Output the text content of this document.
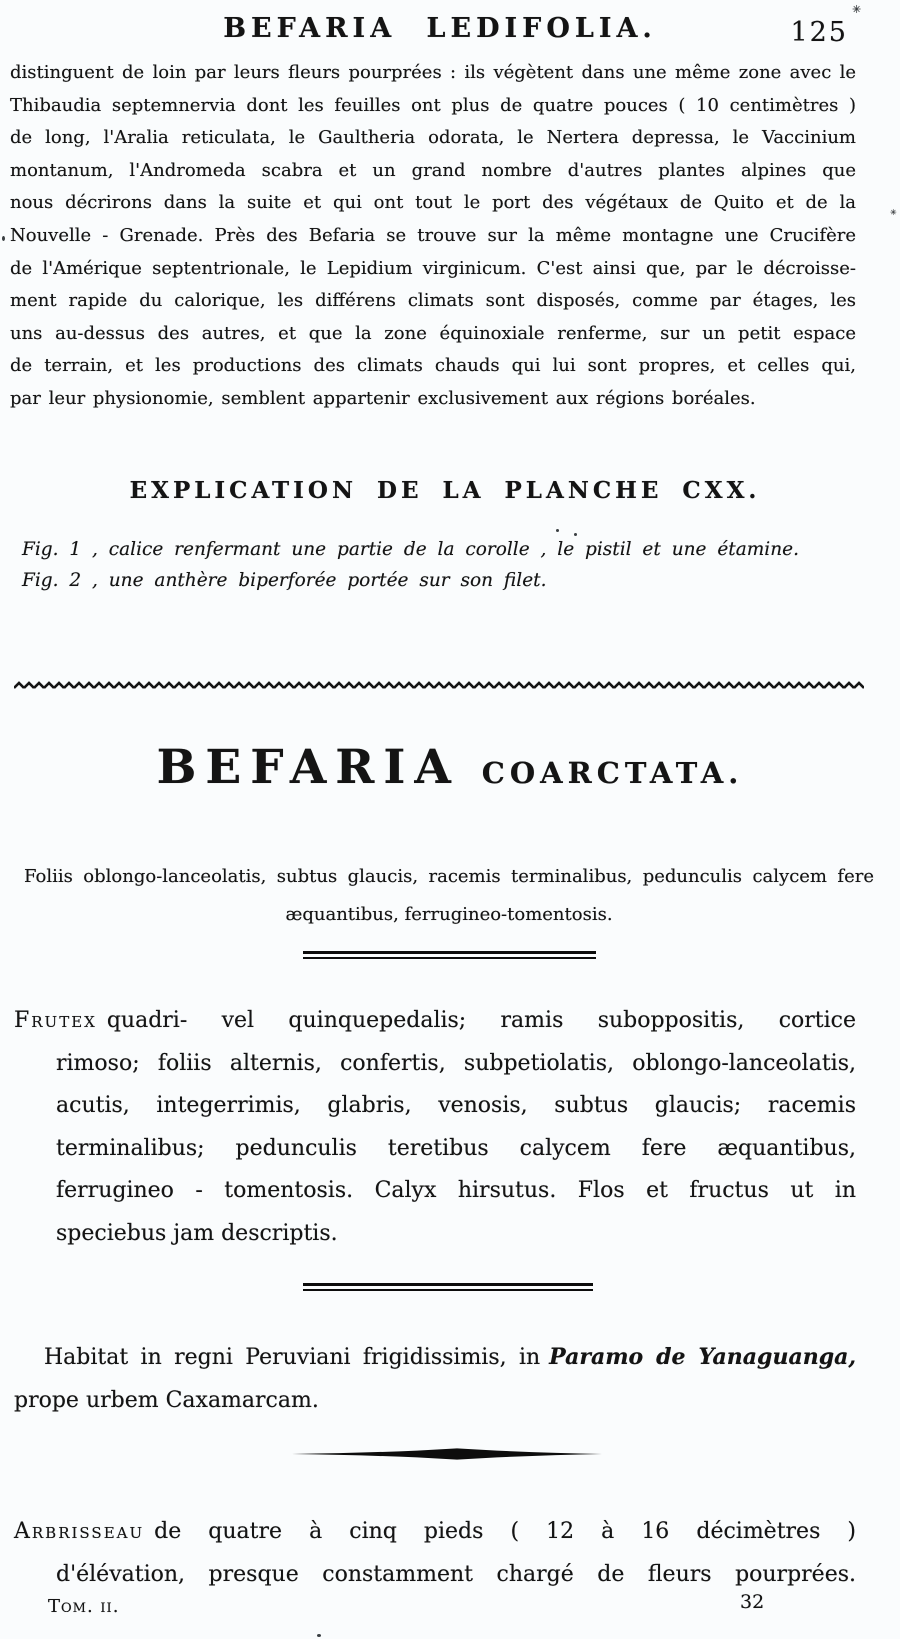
BEFARIA LEDIFOLIA.	125
distinguent de loin par leurs fleurs pourprées : ils végètent dans une même zone avec le
Thibaudia septemnervia dont les feuilles ont plus de quatre pouces ( 10 centimètres )
de long, l'Aralia reticulata, le Gaultheria odorata, le Nertera depressa, le Vaccinium
montanum, l'Andromeda scabra et un grand nombre d'autres plantes alpines que
nous décrirons dans la suite et qui ont tout le port des végétaux de Quito et de la
Nouvelle - Grenade. Près des Befaria se trouve sur la même montagne une Crucifère
de l'Amérique septentrionale, le Lepidium virginicum. C'est ainsi que, par le décroisse-
ment rapide du calorique, les différens climats sont disposés, comme par étages, les
uns au-dessus des autres, et que la zone équinoxiale renferme, sur un petit espace
de terrain, et les productions des climats chauds qui lui sont propres, et celles qui,
par leur physionomie, semblent appartenir exclusivement aux régions boréales.
EXPLICATION DE LA PLANCHE CXX.
Fig. 1 , calice renfermant une partie de la corolle , le pistil et une étamine.
Fig. 2 , une anthère biperforée portée sur son filet.
BEFARIA COARCTATA.
Foliis oblongo-lanceolatis, subtus glaucis, racemis terminalibus, pedunculis calycem fere
æquantibus, ferrugineo-tomentosis.
Frutex quadri- vel quinquepedalis; ramis suboppositis, cortice
rimoso; foliis alternis, confertis, subpetiolatis, oblongo-lanceolatis,
acutis, integerrimis, glabris, venosis, subtus glaucis; racemis
terminalibus; pedunculis teretibus calycem fere æquantibus,
ferrugineo - tomentosis. Calyx hirsutus. Flos et fructus ut in
speciebus jam descriptis.
Habitat in regni Peruviani frigidissimis, in Paramo de Yanaguanga,
prope urbem Caxamarcam.
Arbrisseau de quatre à cinq pieds ( 12 à 16 décimètres )
d'élévation, presque constamment chargé de fleurs pourprées.
Tom. ii.	32
✳
✳
